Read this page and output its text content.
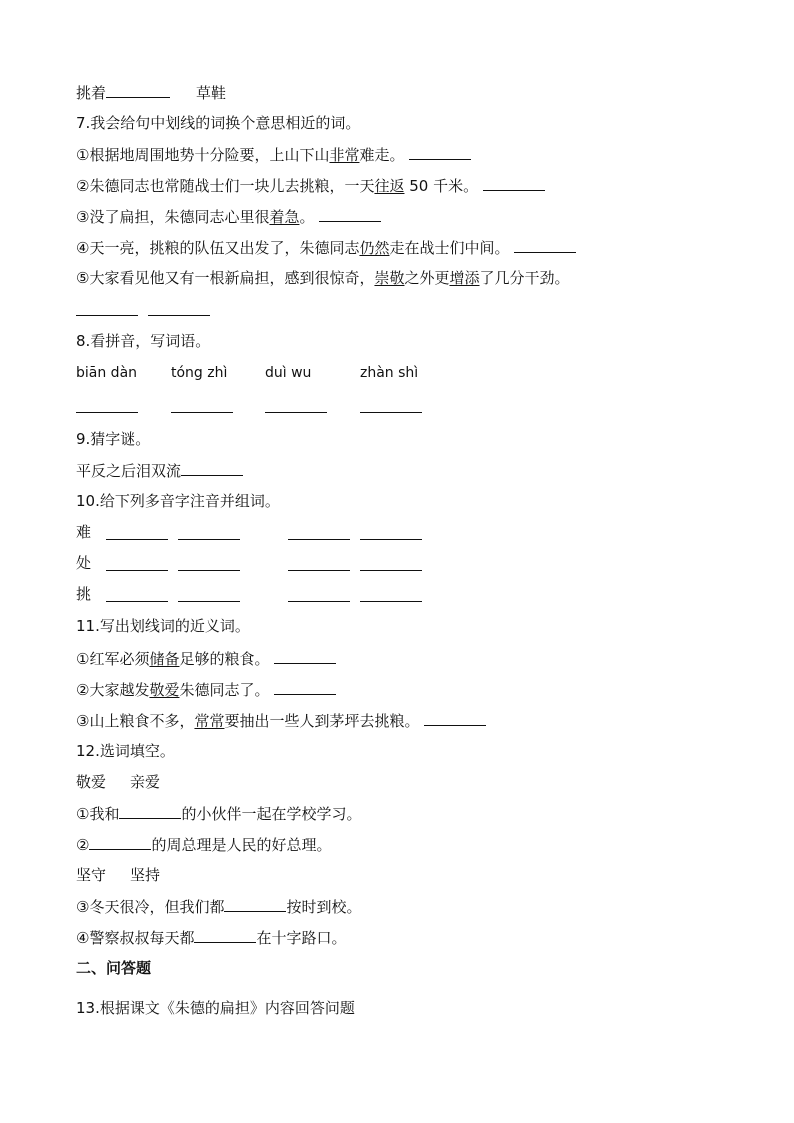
挑着	草鞋
7.我会给句中划线的词换个意思相近的词。
①根据地周围地势十分险要，上山下山非常难走。
②朱德同志也常随战士们一块儿去挑粮，一天往返 50 千米。
③没了扁担，朱德同志心里很着急。
④天一亮，挑粮的队伍又出发了，朱德同志仍然走在战士们中间。
⑤大家看见他又有一根新扁担，感到很惊奇，崇敬之外更增添了几分干劲。
8.看拼音，写词语。
biān dàn tóng zhì	duì wu	zhàn shì
9.猜字谜。
平反之后泪双流
10.给下列多音字注音并组词。
难
处
挑
11.写出划线词的近义词。
①红军必须储备足够的粮食。
②大家越发敬爱朱德同志了。
③山上粮食不多，常常要抽出一些人到茅坪去挑粮。
12.选词填空。
敬爱 亲爱
①我和	的小伙伴一起在学校学习。
②	的周总理是人民的好总理。
坚守 坚持
③冬天很冷，但我们都	按时到校。
④警察叔叔每天都	在十字路口。
二、问答题
13.根据课文《朱德的扁担》内容回答问题
